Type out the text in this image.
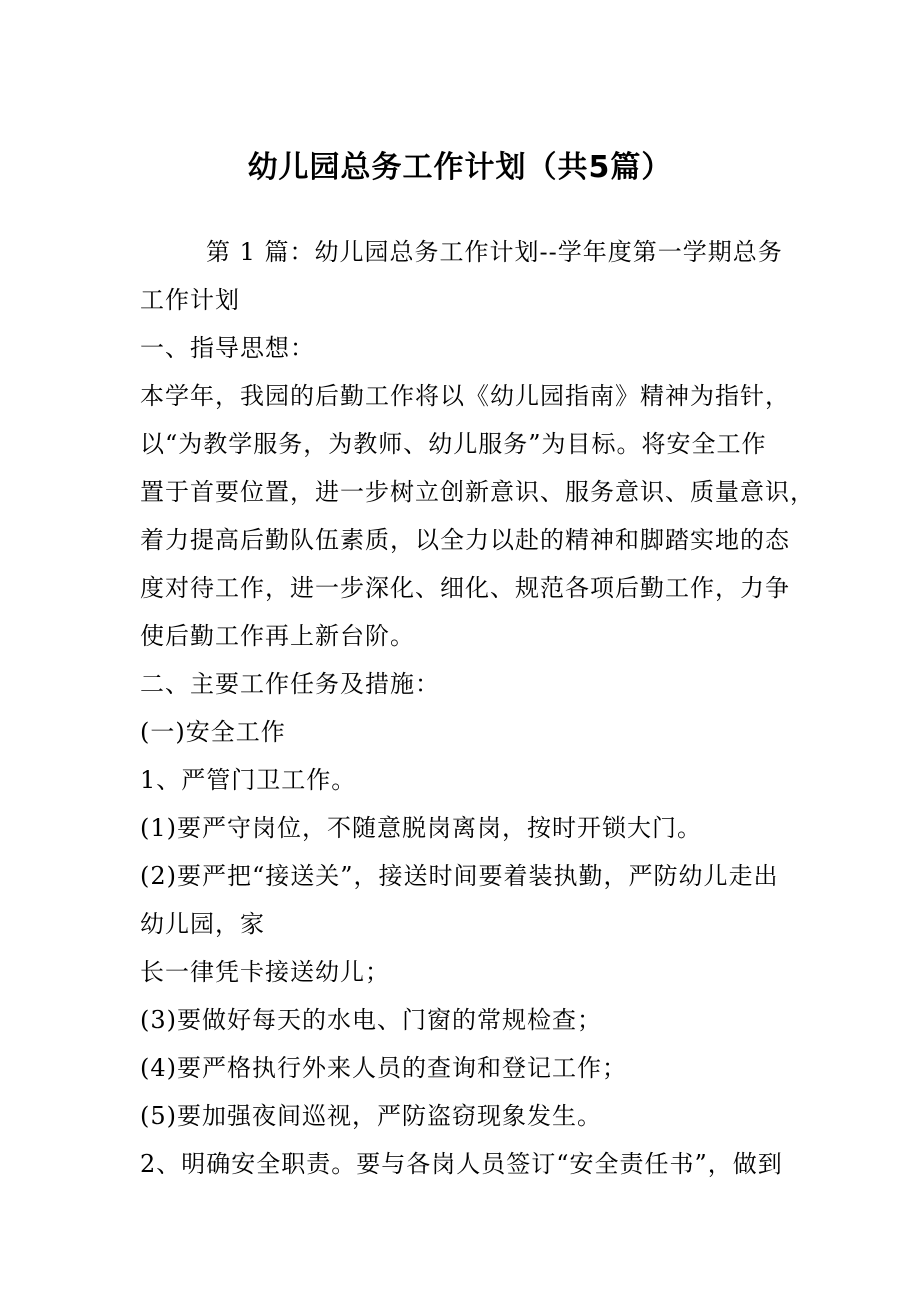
幼儿园总务工作计划（共5篇）

第 1 篇：幼儿园总务工作计划--学年度第一学期总务

工作计划

一、指导思想：

本学年，我园的后勤工作将以《幼儿园指南》精神为指针，

以“为教学服务，为教师、幼儿服务”为目标。将安全工作

置于首要位置，进一步树立创新意识、服务意识、质量意识，

着力提高后勤队伍素质，以全力以赴的精神和脚踏实地的态

度对待工作，进一步深化、细化、规范各项后勤工作，力争

使后勤工作再上新台阶。

二、主要工作任务及措施：

(一)安全工作

1、严管门卫工作。

(1)要严守岗位，不随意脱岗离岗，按时开锁大门。

(2)要严把“接送关”，接送时间要着装执勤，严防幼儿走出

幼儿园，家

长一律凭卡接送幼儿；

(3)要做好每天的水电、门窗的常规检查；

(4)要严格执行外来人员的查询和登记工作；

(5)要加强夜间巡视，严防盗窃现象发生。

2、明确安全职责。要与各岗人员签订“安全责任书”，做到
